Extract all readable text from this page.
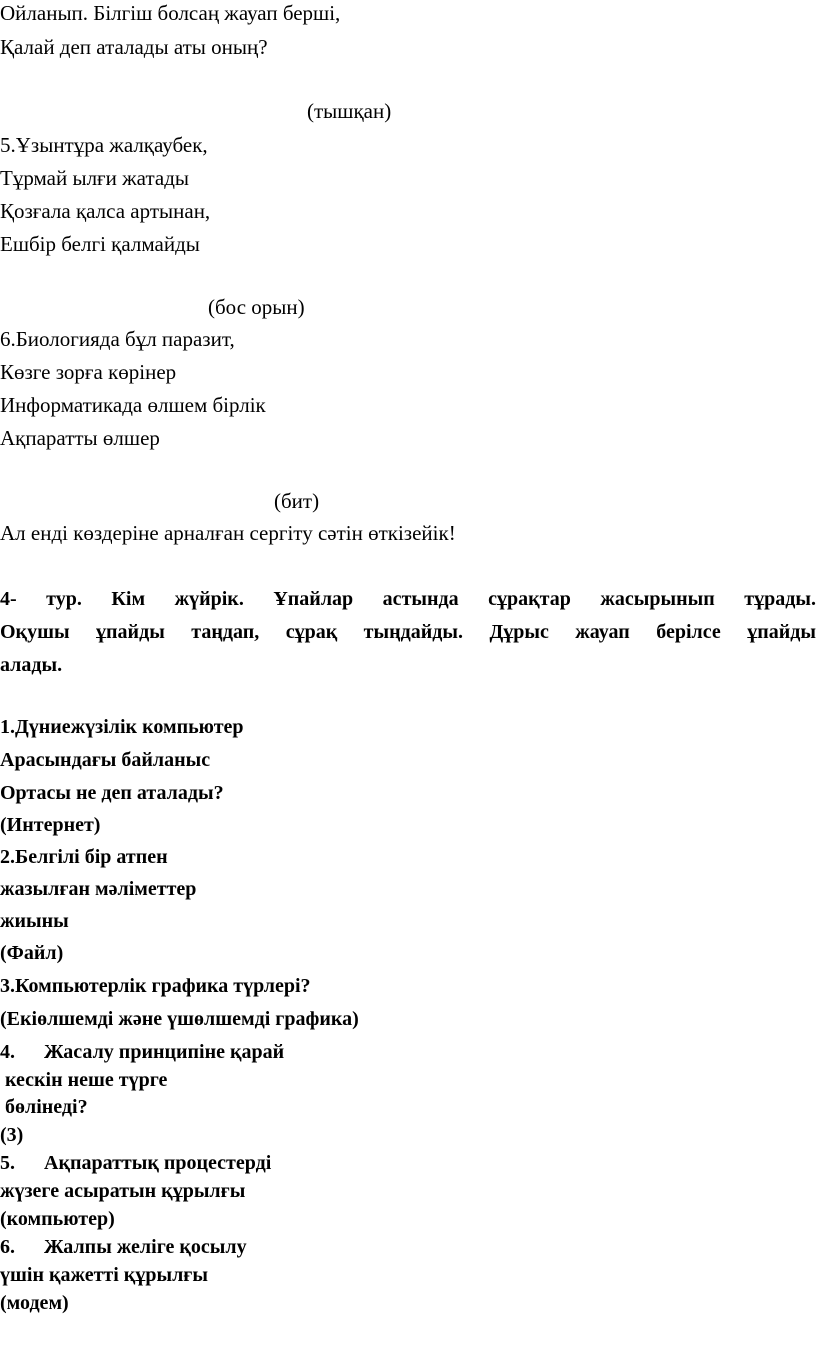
Ойланып. Білгіш болсаң жауап берші,
Қалай деп аталады аты оның?
(тышқан)
5.Ұзынтұра жалқаубек,
Тұрмай ылғи жатады
Қозғала қалса артынан,
Ешбір белгі қалмайды
(бос орын)
6.Биологияда бұл паразит,
Көзге зорға көрінер
Информатикада өлшем бірлік
Ақпаратты өлшер
(бит)
Ал енді көздеріне арналған сергіту сәтін өткізейік!
4- тур. Кім жүйрік. Ұпайлар астында сұрақтар жасырынып тұрады.
Оқушы ұпайды таңдап, сұрақ тыңдайды. Дұрыс жауап берілсе ұпайды
алады.
1.Дүниежүзілік компьютер
Арасындағы байланыс
Ортасы не деп аталады?
(Интернет)
2.Белгілі бір атпен
жазылған мәліметтер
жиыны
(Файл)
3.Компьютерлік графика түрлері?
(Екіөлшемді және үшөлшемді графика)
4. Жасалу принципіне қарай
кескін неше түрге
бөлінеді?
(3)
5. Ақпараттық процестерді
жүзеге асыратын құрылғы
(компьютер)
6. Жалпы желіге қосылу
үшін қажетті құрылғы
(модем)
